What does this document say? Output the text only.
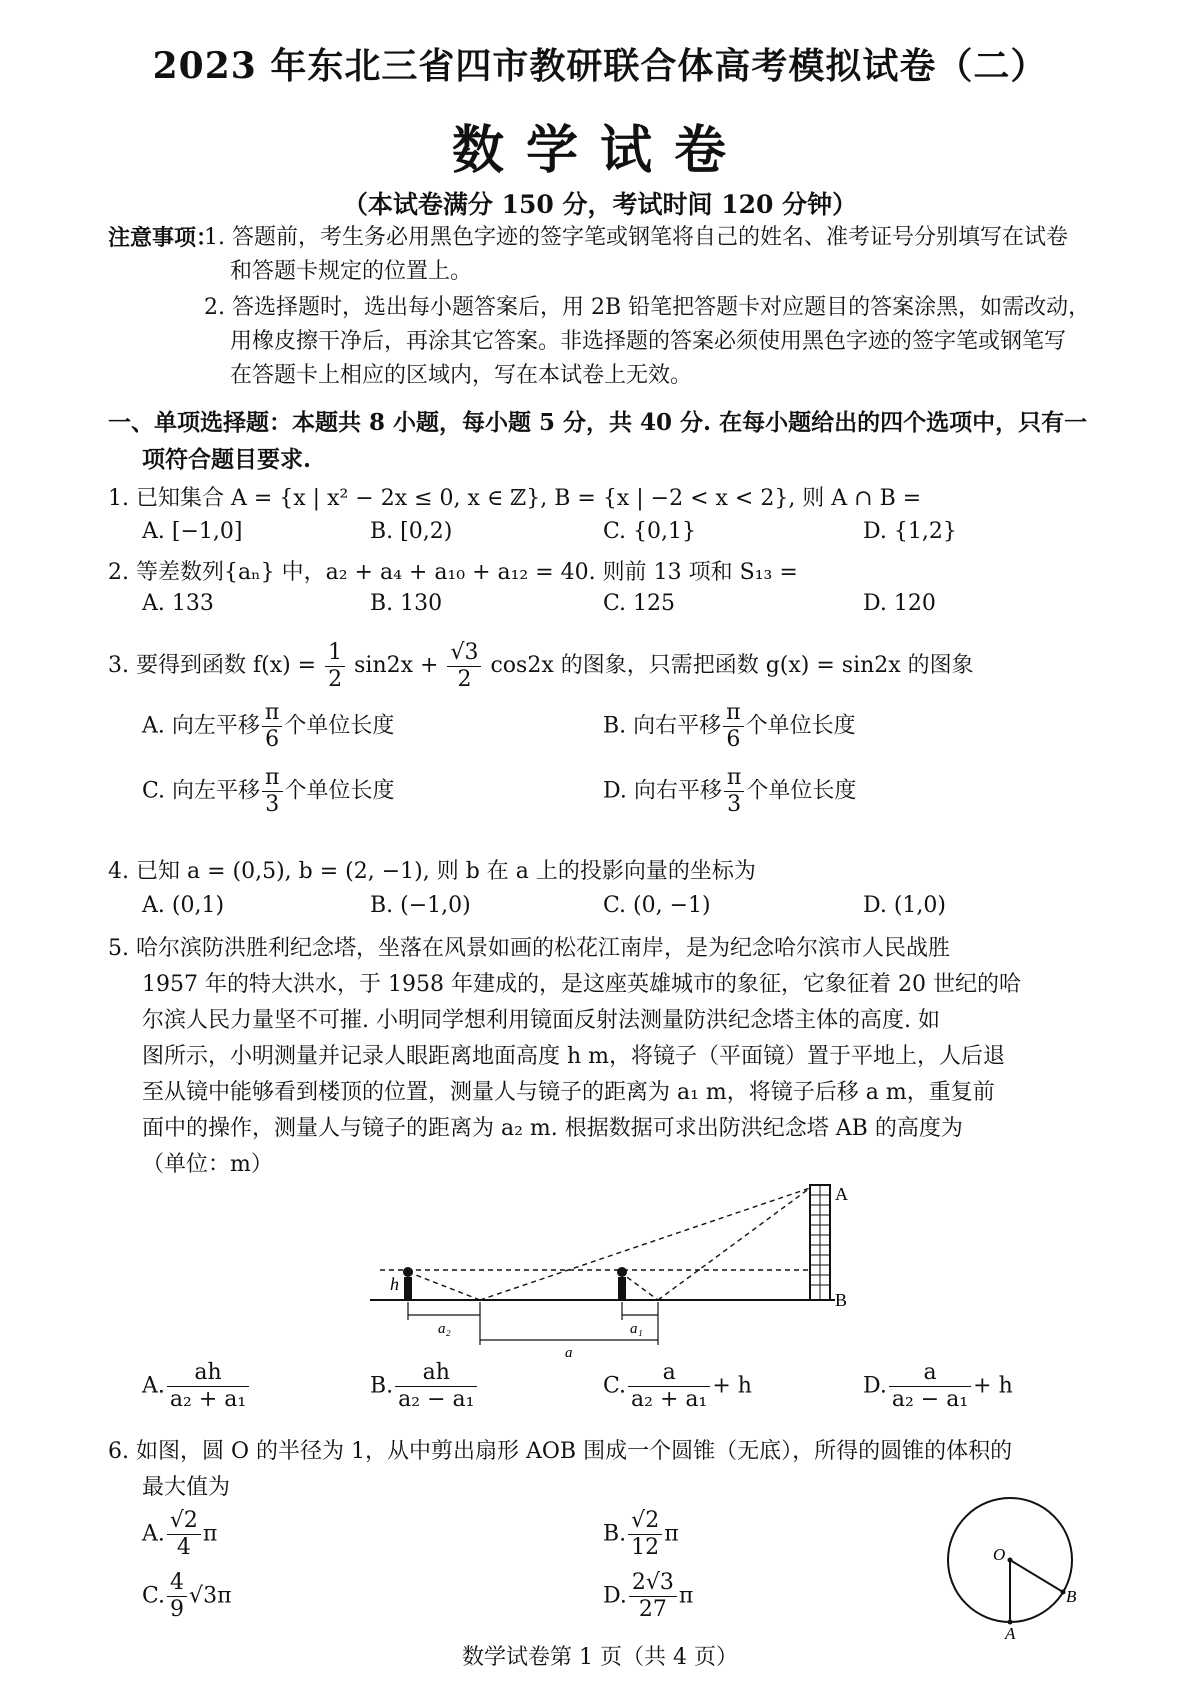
2023 年东北三省四市教研联合体高考模拟试卷（二）
数学试卷
（本试卷满分 150 分，考试时间 120 分钟）
注意事项：
1. 答题前，考生务必用黑色字迹的签字笔或钢笔将自己的姓名、准考证号分别填写在试卷
和答题卡规定的位置上。
2. 答选择题时，选出每小题答案后，用 2B 铅笔把答题卡对应题目的答案涂黑，如需改动，
用橡皮擦干净后，再涂其它答案。非选择题的答案必须使用黑色字迹的签字笔或钢笔写
在答题卡上相应的区域内，写在本试卷上无效。
一、单项选择题：本题共 8 小题，每小题 5 分，共 40 分. 在每小题给出的四个选项中，只有一
项符合题目要求.
1. 已知集合 A = {x | x² − 2x ≤ 0, x ∈ ℤ}, B = {x | −2 < x < 2}, 则 A ∩ B =
A. [−1,0]	B. [0,2)	C. {0,1}	D. {1,2}
2. 等差数列{aₙ} 中，a₂ + a₄ + a₁₀ + a₁₂ = 40. 则前 13 项和 S₁₃ =
A. 133	B. 130	C. 125	D. 120
3. 要得到函数 $f(x) = \frac{1}{2} \sin 2x + \frac{√3}{2} \cos 2x$ 的图象，只需把函数 g(x) = sin2x 的图象
A. 向左平移 $\frac{\pi}{6}$ 个单位长度	B. 向右平移 $\frac{\pi}{6}$ 个单位长度
C. 向左平移 $\frac{\pi}{3}$ 个单位长度	D. 向右平移 $\frac{\pi}{3}$ 个单位长度
4. 已知 a = (0,5), b = (2, −1), 则 b 在 a 上的投影向量的坐标为
A. (0,1)	B. (−1,0)	C. (0, −1)	D. (1,0)
5. 哈尔滨防洪胜利纪念塔，坐落在风景如画的松花江南岸，是为纪念哈尔滨市人民战胜
1957 年的特大洪水，于 1958 年建成的，是这座英雄城市的象征，它象征着 20 世纪的哈
尔滨人民力量坚不可摧. 小明同学想利用镜面反射法测量防洪纪念塔主体的高度. 如
图所示，小明测量并记录人眼距离地面高度 h m，将镜子（平面镜）置于平地上，人后退
至从镜中能够看到楼顶的位置，测量人与镜子的距离为 a₁ m，将镜子后移 a m，重复前
面中的操作，测量人与镜子的距离为 a₂ m. 根据数据可求出防洪纪念塔 AB 的高度为
（单位：m）
A
B
h
a₂	a₁
a
A. $\frac{ah}{\text{a₂ + a₁}}$	B. $\frac{ah}{\text{a₂ − a₁}}$	C. $\frac{a}{\text{a₂ + a₁}} + h$	D. $\frac{a}{\text{a₂ − a₁}} + h$
6. 如图，圆 O 的半径为 1，从中剪出扇形 AOB 围成一个圆锥（无底），所得的圆锥的体积的
最大值为
A. $\frac{√2}{4}$ π	B. $\frac{√2}{12}$ π
C. $\frac{4}{9} √3\pi$	D. $\frac{2√3}{27}$ π
O
A
B
数学试卷第 1 页（共 4 页）
